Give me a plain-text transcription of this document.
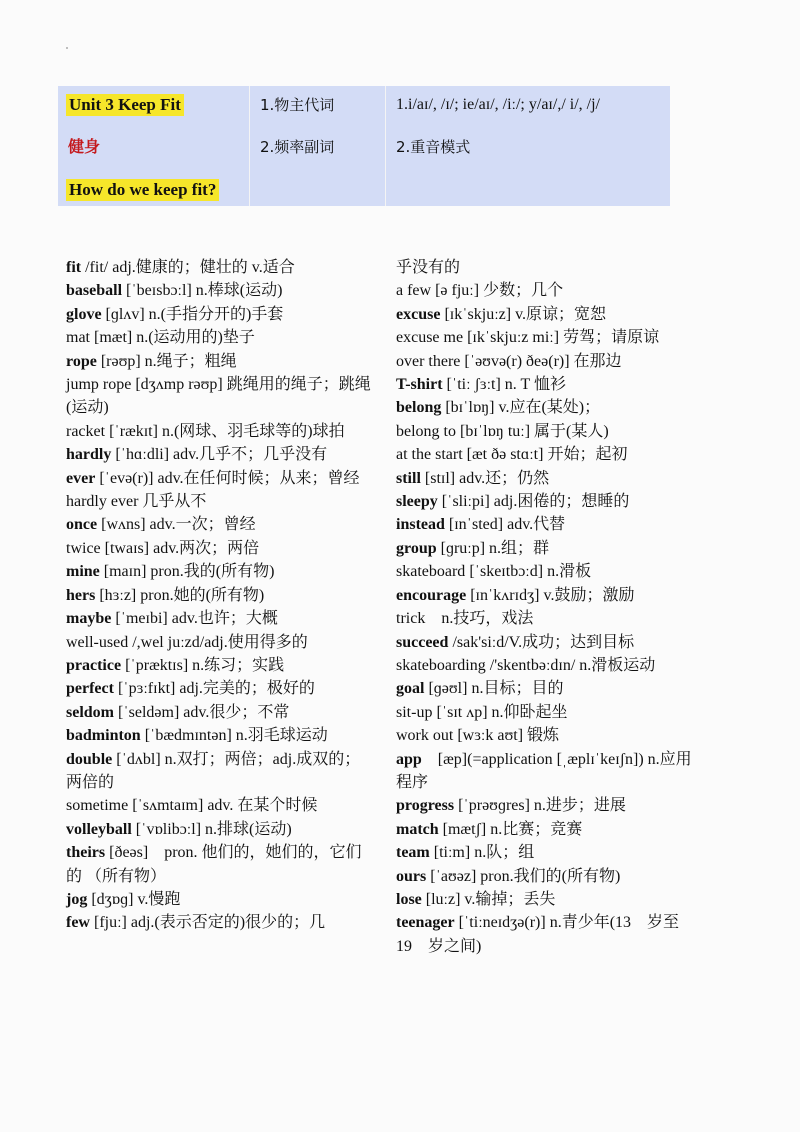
Unit 3 Keep Fit
健身
How do we keep fit?
1.物主代词
2.频率副词
1.i/aɪ/, /ɪ/; ie/aɪ/, /iː/; y/aɪ/,/ i/, /j/
2.重音模式
fit /fit/ adj.健康的；健壮的 v.适合
baseball [ˈbeɪsbɔːl] n.棒球(运动)
glove [ɡlʌv] n.(手指分开的)手套
mat [mæt] n.(运动用的)垫子
rope [rəʊp] n.绳子；粗绳
jump rope [dʒʌmp rəʊp] 跳绳用的绳子；跳绳(运动)
racket [ˈrækɪt] n.(网球、羽毛球等的)球拍
hardly [ˈhɑːdli] adv.几乎不；几乎没有
ever [ˈevə(r)] adv.在任何时候；从来；曾经
hardly ever 几乎从不
once [wʌns] adv.一次；曾经
twice [twaɪs] adv.两次；两倍
mine [maɪn] pron.我的(所有物)
hers [hɜːz] pron.她的(所有物)
maybe [ˈmeɪbi] adv.也许；大概
well-used /,wel juːzd/adj.使用得多的
practice [ˈpræktɪs] n.练习；实践
perfect [ˈpɜːfɪkt] adj.完美的；极好的
seldom [ˈseldəm] adv.很少；不常
badminton [ˈbædmɪntən] n.羽毛球运动
double [ˈdʌbl] n.双打；两倍；adj.成双的；两倍的
sometime [ˈsʌmtaɪm] adv. 在某个时候
volleyball [ˈvɒlibɔːl] n.排球(运动)
theirs [ðeəs]　pron. 他们的，她们的，它们的 （所有物）
jog [dʒɒɡ] v.慢跑
few [fjuː] adj.(表示否定的)很少的；几
乎没有的
a few [ə fjuː] 少数；几个
excuse [ɪkˈskjuːz] v.原谅；宽恕
excuse me [ɪkˈskjuːz miː] 劳驾；请原谅
over there [ˈəʊvə(r) ðeə(r)] 在那边
T-shirt [ˈtiː ʃɜːt] n. T 恤衫
belong [bɪˈlɒŋ] v.应在(某处)；
belong to [bɪˈlɒŋ tuː] 属于(某人)
at the start [æt ðə stɑːt] 开始；起初
still [stɪl] adv.还；仍然
sleepy [ˈsliːpi] adj.困倦的；想睡的
instead [ɪnˈsted] adv.代替
group [ɡruːp] n.组；群
skateboard [ˈskeɪtbɔːd] n.滑板
encourage [ɪnˈkʌrɪdʒ] v.鼓励；激励
trick　n.技巧，戏法
succeed /sak'siːd/V.成功；达到目标
skateboarding /'skentbəːdɪn/ n.滑板运动
goal [ɡəʊl] n.目标；目的
sit-up [ˈsɪt ʌp] n.仰卧起坐
work out [wɜːk aʊt] 锻炼
app　[æp](=application [ˌæplɪˈkeɪʃn]) n.应用程序
progress [ˈprəʊɡres] n.进步；进展
match [mætʃ] n.比赛；竞赛
team [tiːm] n.队；组
ours [ˈaʊəz] pron.我们的(所有物)
lose [luːz] v.输掉；丢失
teenager [ˈtiːneɪdʒə(r)] n.青少年(13　岁至　19　岁之间)
